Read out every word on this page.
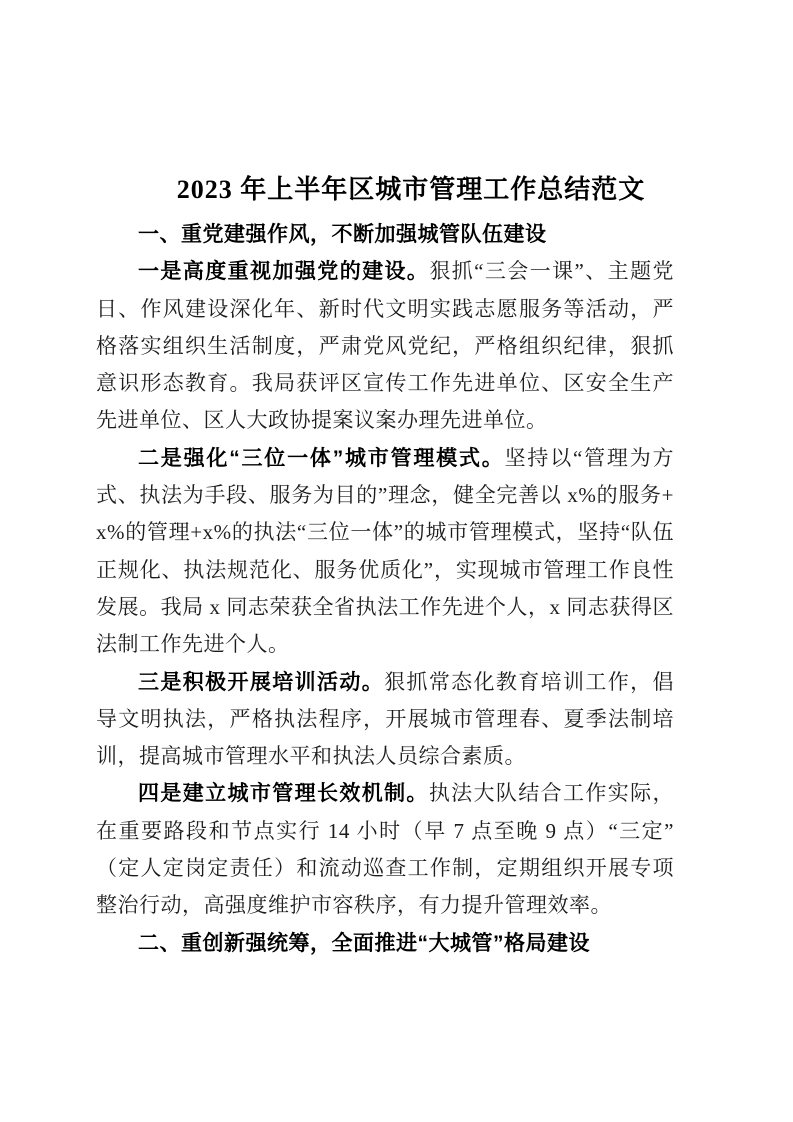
2023 年上半年区城市管理工作总结范文

一、重党建强作风，不断加强城管队伍建设

一是高度重视加强党的建设。狠抓“三会一课”、主题党日、作风建设深化年、新时代文明实践志愿服务等活动，严格落实组织生活制度，严肃党风党纪，严格组织纪律，狠抓意识形态教育。我局获评区宣传工作先进单位、区安全生产先进单位、区人大政协提案议案办理先进单位。

二是强化“三位一体”城市管理模式。坚持以“管理为方式、执法为手段、服务为目的”理念，健全完善以 x%的服务+x%的管理+x%的执法“三位一体”的城市管理模式，坚持“队伍正规化、执法规范化、服务优质化”，实现城市管理工作良性发展。我局 x 同志荣获全省执法工作先进个人，x 同志获得区法制工作先进个人。

三是积极开展培训活动。狠抓常态化教育培训工作，倡导文明执法，严格执法程序，开展城市管理春、夏季法制培训，提高城市管理水平和执法人员综合素质。

四是建立城市管理长效机制。执法大队结合工作实际，在重要路段和节点实行 14 小时（早 7 点至晚 9 点）“三定”（定人定岗定责任）和流动巡查工作制，定期组织开展专项整治行动，高强度维护市容秩序，有力提升管理效率。

二、重创新强统筹，全面推进“大城管”格局建设
